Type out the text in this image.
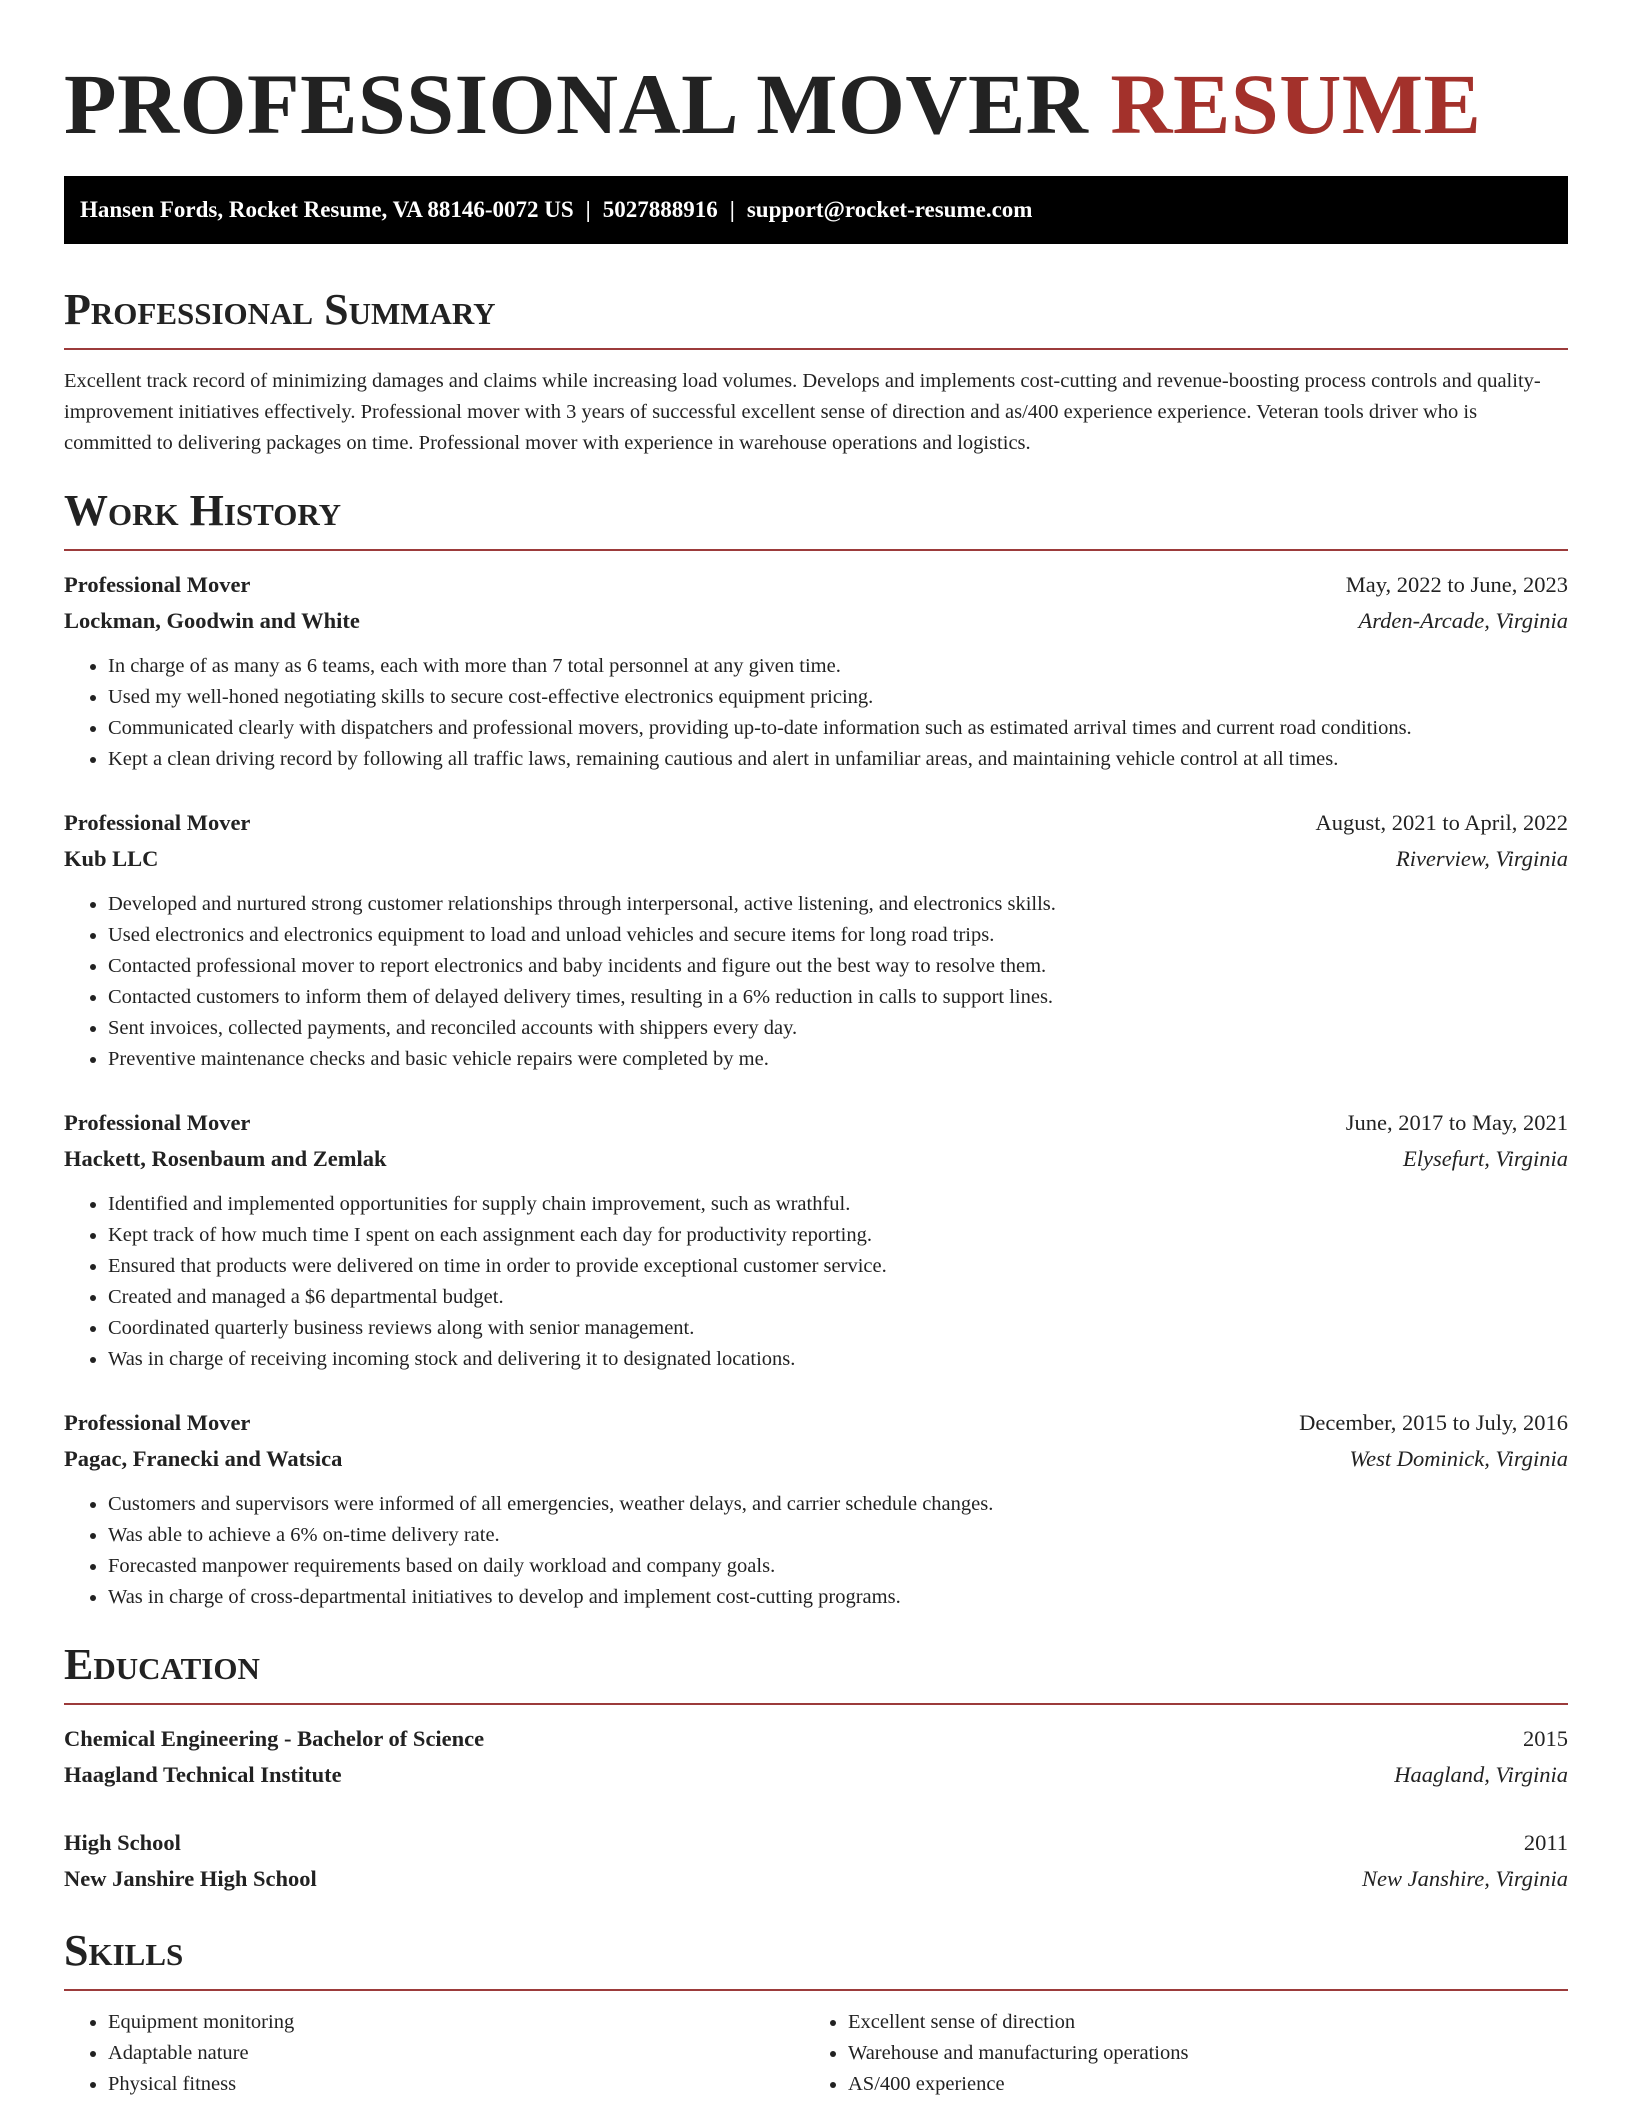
PROFESSIONAL MOVER RESUME
Hansen Fords, Rocket Resume, VA 88146-0072 US | 5027888916 | support@rocket-resume.com
Professional Summary

Excellent track record of minimizing damages and claims while increasing load volumes. Develops and implements cost-cutting and revenue-boosting process controls and quality-improvement initiatives effectively. Professional mover with 3 years of successful excellent sense of direction and as/400 experience experience. Veteran tools driver who is committed to delivering packages on time. Professional mover with experience in warehouse operations and logistics.

Work History
Professional Mover	May, 2022 to June, 2023
Lockman, Goodwin and White	Arden-Arcade, Virginia
• In charge of as many as 6 teams, each with more than 7 total personnel at any given time.
• Used my well-honed negotiating skills to secure cost-effective electronics equipment pricing.
• Communicated clearly with dispatchers and professional movers, providing up-to-date information such as estimated arrival times and current road conditions.
• Kept a clean driving record by following all traffic laws, remaining cautious and alert in unfamiliar areas, and maintaining vehicle control at all times.
Professional Mover	August, 2021 to April, 2022
Kub LLC	Riverview, Virginia
• Developed and nurtured strong customer relationships through interpersonal, active listening, and electronics skills.
• Used electronics and electronics equipment to load and unload vehicles and secure items for long road trips.
• Contacted professional mover to report electronics and baby incidents and figure out the best way to resolve them.
• Contacted customers to inform them of delayed delivery times, resulting in a 6% reduction in calls to support lines.
• Sent invoices, collected payments, and reconciled accounts with shippers every day.
• Preventive maintenance checks and basic vehicle repairs were completed by me.
Professional Mover	June, 2017 to May, 2021
Hackett, Rosenbaum and Zemlak	Elysefurt, Virginia
• Identified and implemented opportunities for supply chain improvement, such as wrathful.
• Kept track of how much time I spent on each assignment each day for productivity reporting.
• Ensured that products were delivered on time in order to provide exceptional customer service.
• Created and managed a $6 departmental budget.
• Coordinated quarterly business reviews along with senior management.
• Was in charge of receiving incoming stock and delivering it to designated locations.
Professional Mover	December, 2015 to July, 2016
Pagac, Franecki and Watsica	West Dominick, Virginia
• Customers and supervisors were informed of all emergencies, weather delays, and carrier schedule changes.
• Was able to achieve a 6% on-time delivery rate.
• Forecasted manpower requirements based on daily workload and company goals.
• Was in charge of cross-departmental initiatives to develop and implement cost-cutting programs.
Education
Chemical Engineering - Bachelor of Science	2015
Haagland Technical Institute	Haagland, Virginia
High School	2011
New Janshire High School	New Janshire, Virginia
Skills
• Equipment monitoring
• Adaptable nature
• Physical fitness
• Excellent sense of direction
• Warehouse and manufacturing operations
• AS/400 experience
